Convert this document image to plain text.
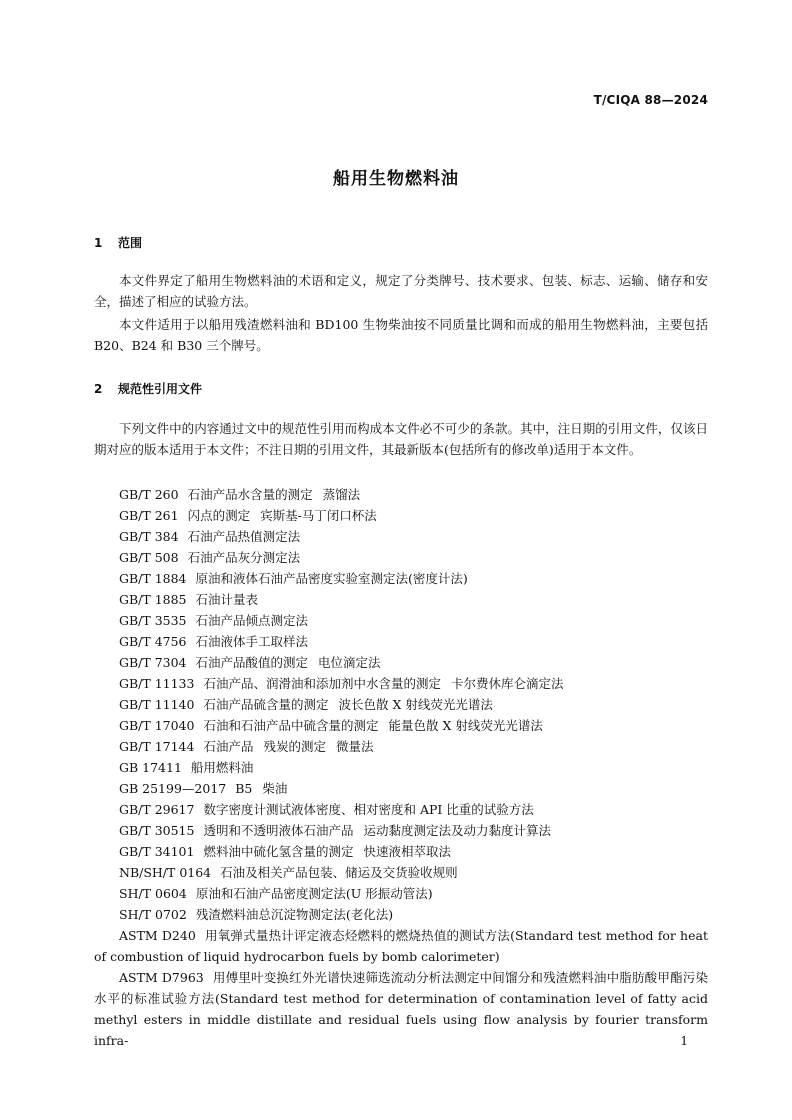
T/CIQA 88—2024
船用生物燃料油
1 范围
本文件界定了船用生物燃料油的术语和定义，规定了分类牌号、技术要求、包装、标志、运输、储存和安全，描述了相应的试验方法。
本文件适用于以船用残渣燃料油和 BD100 生物柴油按不同质量比调和而成的船用生物燃料油，主要包括 B20、B24 和 B30 三个牌号。
2 规范性引用文件
下列文件中的内容通过文中的规范性引用而构成本文件必不可少的条款。其中，注日期的引用文件，仅该日期对应的版本适用于本文件；不注日期的引用文件，其最新版本(包括所有的修改单)适用于本文件。
GB/T 260 石油产品水含量的测定 蒸馏法
GB/T 261 闪点的测定 宾斯基-马丁闭口杯法
GB/T 384 石油产品热值测定法
GB/T 508 石油产品灰分测定法
GB/T 1884 原油和液体石油产品密度实验室测定法(密度计法)
GB/T 1885 石油计量表
GB/T 3535 石油产品倾点测定法
GB/T 4756 石油液体手工取样法
GB/T 7304 石油产品酸值的测定 电位滴定法
GB/T 11133 石油产品、润滑油和添加剂中水含量的测定 卡尔费休库仑滴定法
GB/T 11140 石油产品硫含量的测定 波长色散 X 射线荧光光谱法
GB/T 17040 石油和石油产品中硫含量的测定 能量色散 X 射线荧光光谱法
GB/T 17144 石油产品 残炭的测定 微量法
GB 17411 船用燃料油
GB 25199—2017 B5 柴油
GB/T 29617 数字密度计测试液体密度、相对密度和 API 比重的试验方法
GB/T 30515 透明和不透明液体石油产品 运动黏度测定法及动力黏度计算法
GB/T 34101 燃料油中硫化氢含量的测定 快速液相萃取法
NB/SH/T 0164 石油及相关产品包装、储运及交货验收规则
SH/T 0604 原油和石油产品密度测定法(U 形振动管法)
SH/T 0702 残渣燃料油总沉淀物测定法(老化法)
ASTM D240 用氧弹式量热计评定液态烃燃料的燃烧热值的测试方法(Standard test method for heat of combustion of liquid hydrocarbon fuels by bomb calorimeter)
ASTM D7963 用傅里叶变换红外光谱快速筛选流动分析法测定中间馏分和残渣燃料油中脂肪酸甲酯污染水平的标准试验方法(Standard test method for determination of contamination level of fatty acid methyl esters in middle distillate and residual fuels using flow analysis by fourier transform infra-	1
